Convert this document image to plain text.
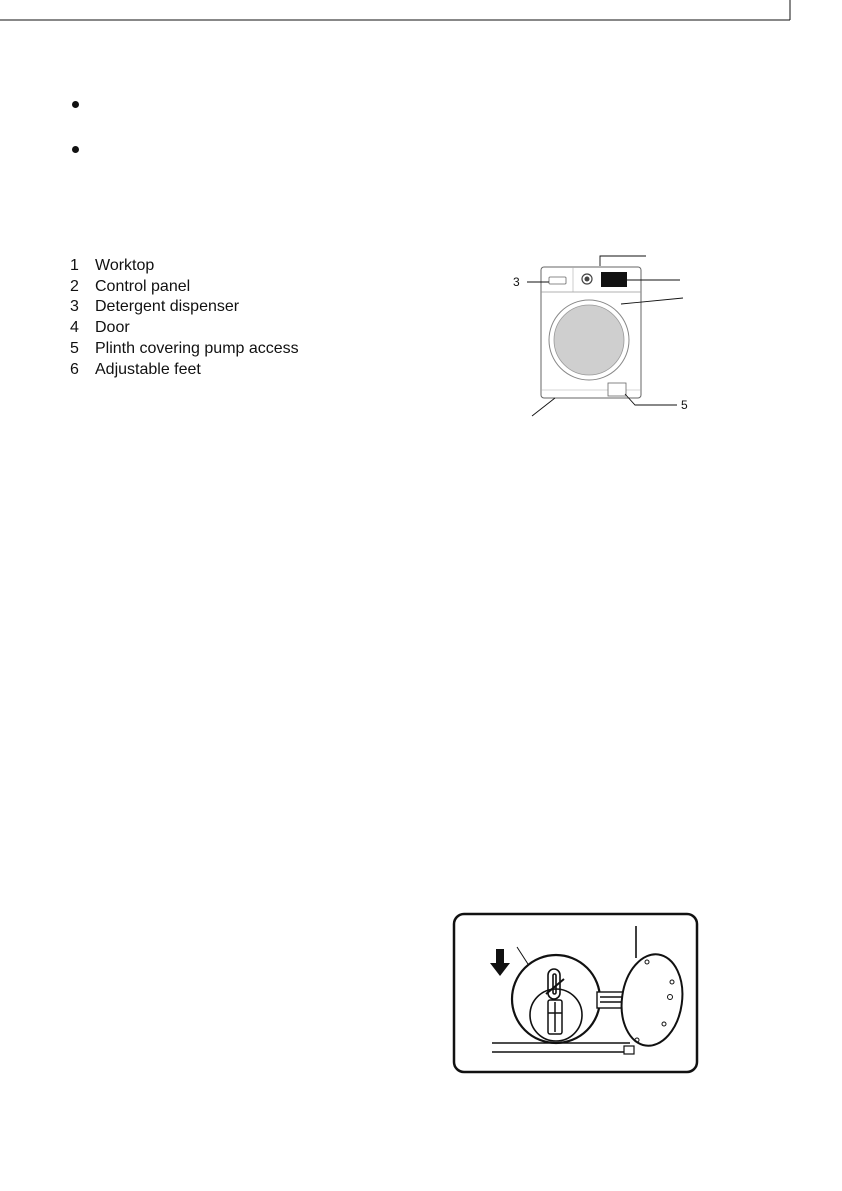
1	Worktop
2	Control panel
3	Detergent dispenser
4	Door
5	Plinth covering pump access
6	Adjustable feet
3
5
